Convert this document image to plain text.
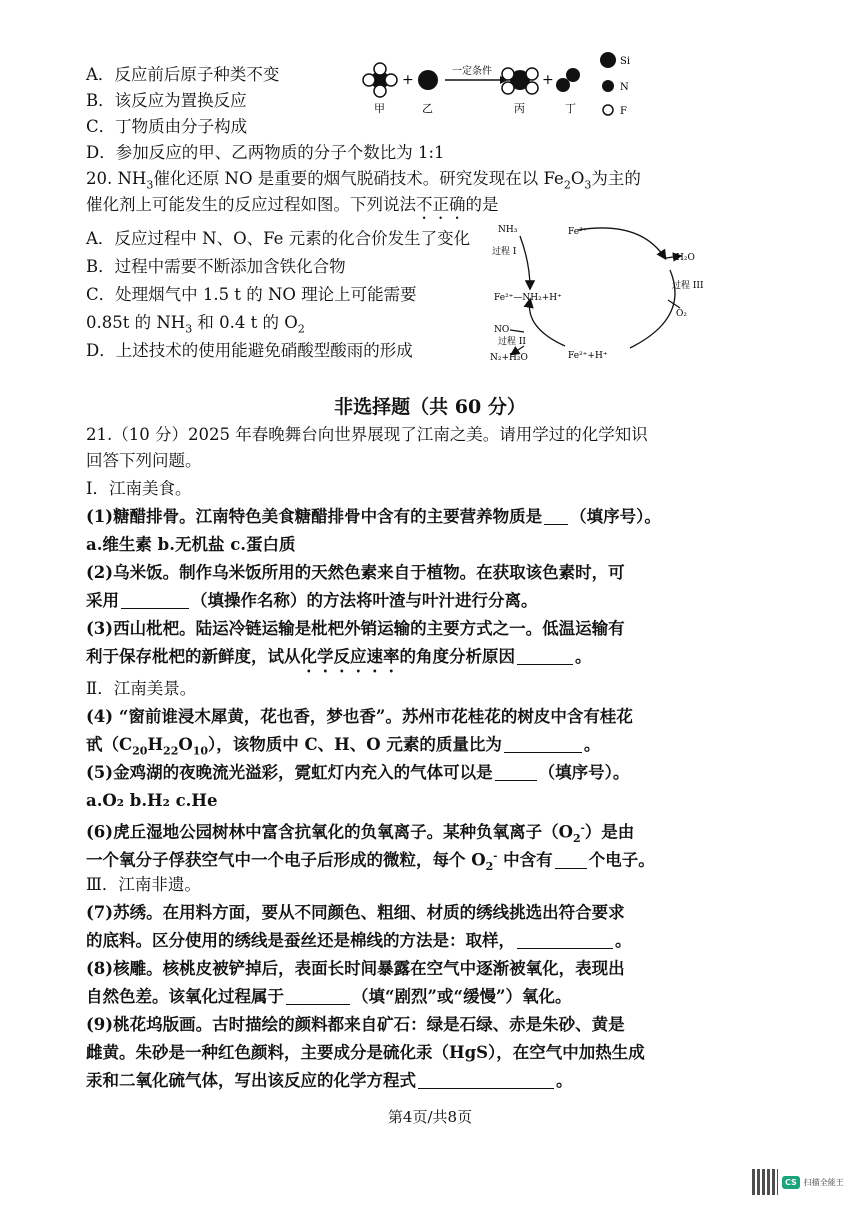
A．反应前后原子种类不变
B．该反应为置换反应
C．丁物质由分子构成
D．参加反应的甲、乙两物质的分子个数比为 1:1
+
一定条件
+
甲	乙	丙	丁
Si
N
F
20. $NH_3$催化还原 NO 是重要的烟气脱硝技术。研究发现在以 $Fe_2O_3$为主的
催化剂上可能发生的反应过程如图。下列说法不正确的是
A．反应过程中 N、O、Fe 元素的化合价发生了变化
B．过程中需要不断添加含铁化合物
C．处理烟气中 1.5 t 的 NO 理论上可能需要
0.85t 的 $NH_3$ 和 0.4 t 的 $O_2$
D．上述技术的使用能避免硝酸型酸雨的形成
NH₃
过程 I
Fe³⁺
H₂O
过程 III
O₂
Fe²⁺—NH₂+H⁺
NO
过程 II
N₂+H₂O	Fe²⁺+H⁺
非选择题（共 60 分）
21.（10 分）2025 年春晚舞台向世界展现了江南之美。请用学过的化学知识
回答下列问题。
Ⅰ．江南美食。
(1)糖醋排骨。江南特色美食糖醋排骨中含有的主要营养物质是 （填序号）。
a.维生素 b.无机盐 c.蛋白质
(2)乌米饭。制作乌米饭所用的天然色素来自于植物。在获取该色素时，可
采用	（填操作名称）的方法将叶渣与叶汁进行分离。
(3)西山枇杷。陆运冷链运输是枇杷外销运输的主要方式之一。低温运输有
利于保存枇杷的新鲜度，试从化学反应速率的角度分析原因	。
Ⅱ．江南美景。
(4) “窗前谁浸木犀黄，花也香，梦也香”。苏州市花桂花的树皮中含有桂花
甙$(C_{20}H_{22}O_{10})$，该物质中 C、H、O 元素的质量比为	。
(5)金鸡湖的夜晚流光溢彩，霓虹灯内充入的气体可以是	（填序号）。
a.O₂ b.H₂ c.He
(6)虎丘湿地公园树林中富含抗氧化的负氧离子。某种负氧离子$(O_2^-)$是由
一个氧分子俘获空气中一个电子后形成的微粒，每个 $O_2^-$ 中含有 个电子。
Ⅲ．江南非遗。
(7)苏绣。在用料方面，要从不同颜色、粗细、材质的绣线挑选出符合要求
的底料。区分使用的绣线是蚕丝还是棉线的方法是：取样，	。
(8)核雕。核桃皮被铲掉后，表面长时间暴露在空气中逐渐被氧化，表现出
自然色差。该氧化过程属于	（填“剧烈”或“缓慢”）氧化。
(9)桃花坞版画。古时描绘的颜料都来自矿石：绿是石绿、赤是朱砂、黄是
雌黄。朱砂是一种红色颜料，主要成分是硫化汞（HgS），在空气中加热生成
汞和二氧化硫气体，写出该反应的化学方程式	。
第4页/共8页
CS 扫描全能王
